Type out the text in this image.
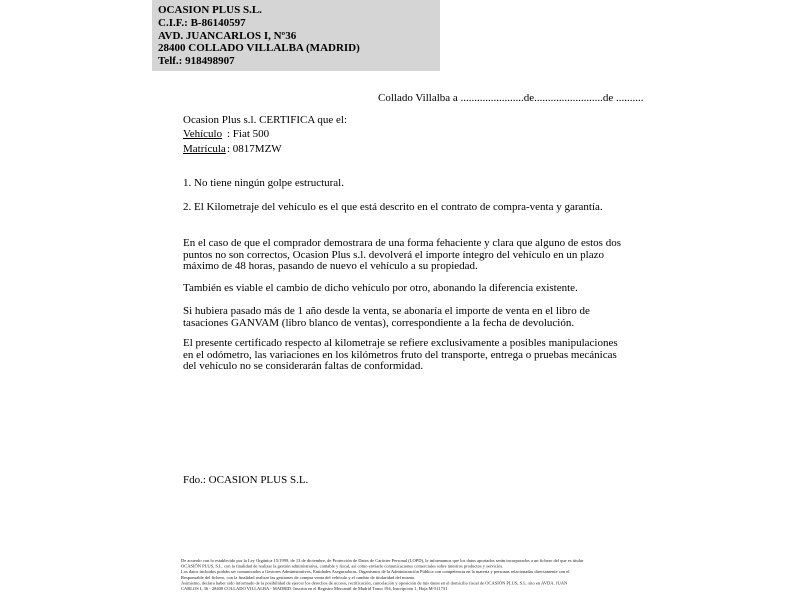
OCASION PLUS S.L.
C.I.F.: B-86140597
AVD. JUANCARLOS I, Nº36
28400 COLLADO VILLALBA (MADRID)
Telf.: 918498907
Collado Villalba a .......................de.........................de ..........
Ocasion Plus s.l. CERTIFICA que el:
Vehículo : Fiat 500
Matrícula: 0817MZW
1. No tiene ningún golpe estructural.
2. El Kilometraje del vehículo es el que está descrito en el contrato de compra-venta y garantía.
En el caso de que el comprador demostrara de una forma fehaciente y clara que alguno de estos dos puntos no son correctos, Ocasion Plus s.l. devolverá el importe íntegro del vehículo en un plazo máximo de 48 horas, pasando de nuevo el vehículo a su propiedad.
También es viable el cambio de dicho vehículo por otro, abonando la diferencia existente.
Si hubiera pasado más de 1 año desde la venta, se abonaría el importe de venta en el libro de tasaciones GANVAM (libro blanco de ventas), correspondiente a la fecha de devolución.
El presente certificado respecto al kilometraje se refiere exclusivamente a posibles manipulaciones en el odómetro, las variaciones en los kilómetros fruto del transporte, entrega o pruebas mecánicas del vehículo no se considerarán faltas de conformidad.
Fdo.: OCASION PLUS S.L.
De acuerdo con lo establecido por la Ley Orgánica 15/1999, de 13 de diciembre, de Protección de Datos de Carácter Personal (LOPD), le informamos que los datos aportados serán incorporados a un fichero del que es titular
OCASIÓN PLUS, S.L. con la finalidad de realizar la gestión administrativa, contable y fiscal, así como enviarle comunicaciones comerciales sobre nuestros productos y servicios.
Los datos incluidos podrán ser comunicados a Gestores Administrativos, Entidades Aseguradoras, Organismos de la Administración Pública con competencia en la materia y personas relacionadas directamente con el
Responsable del fichero, con la finalidad realizar las gestiones de compra venta del vehículo y el cambio de titularidad del mismo.
Asimismo, declara haber sido informado de la posibilidad de ejercer los derechos de acceso, rectificación, cancelación y oposición de mis datos en el domicilio fiscal de OCASIÓN PLUS, S.L. sito en AVDA. JUAN
CARLOS I, 36 - 28400 COLLADO VILLALBA - MADRID. Inscrita en el Registro Mercantil de Madrid Tomo 194, Inscripción 1, Hoja M-511731
